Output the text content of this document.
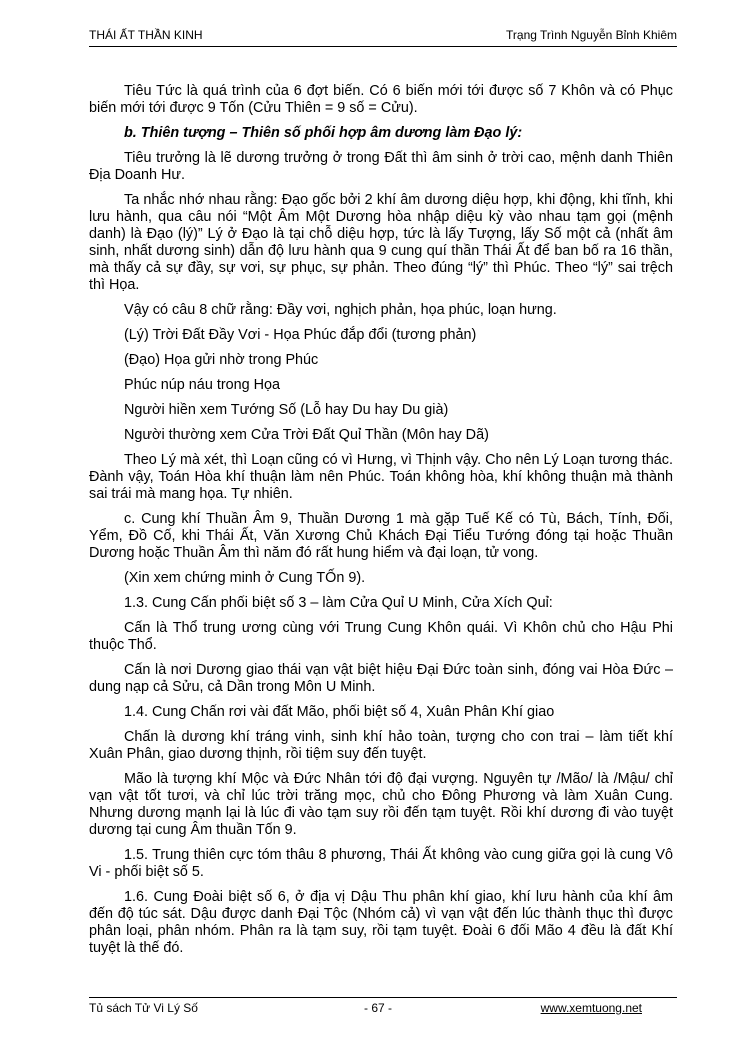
THÁI ẤT THẦN KINH	Trạng Trình Nguyễn Bỉnh Khiêm

Tiêu Tức là quá trình của 6 đợt biến. Có 6 biến mới tới được số 7 Khôn và có Phục biến mới tới được 9 Tốn (Cửu Thiên = 9 số = Cửu).

b. Thiên tượng – Thiên số phối hợp âm dương làm Đạo lý:

Tiêu trưởng là lẽ dương trưởng ở trong Đất thì âm sinh ở trời cao, mệnh danh Thiên Địa Doanh Hư.

Ta nhắc nhớ nhau rằng: Đạo gốc bởi 2 khí âm dương diệu hợp, khi động, khi tĩnh, khi lưu hành, qua câu nói “Một Âm Một Dương hòa nhập diệu kỳ vào nhau tạm gọi (mệnh danh) là Đạo (lý)” Lý ở Đạo là tại chỗ diệu hợp, tức là lấy Tượng, lấy Số một cả (nhất âm sinh, nhất dương sinh) dẫn độ lưu hành qua 9 cung quí thần Thái Ất để ban bố ra 16 thần, mà thấy cả sự đầy, sự vơi, sự phục, sự phản. Theo đúng “lý” thì Phúc. Theo “lý” sai trệch thì Họa.

Vậy có câu 8 chữ rằng: Đầy vơi, nghịch phản, họa phúc, loạn hưng.

(Lý) Trời Đất Đầy Vơi - Họa Phúc đắp đổi (tương phản)

(Đạo) Họa gửi nhờ trong Phúc

Phúc núp náu trong Họa

Người hiền xem Tướng Số (Lỗ hay Du hay Du già)

Người thường xem Cửa Trời Đất Quỉ Thần (Môn hay Dã)

Theo Lý mà xét, thì Loạn cũng có vì Hưng, vì Thịnh vậy. Cho nên Lý Loạn tương thác. Đành vậy, Toán Hòa khí thuận làm nên Phúc. Toán không hòa, khí không thuận mà thành sai trái mà mang họa. Tự nhiên.

c. Cung khí Thuần Âm 9, Thuần Dương 1 mà gặp Tuế Kế có Tù, Bách, Tính, Đối, Yểm, Đồ Cố, khi Thái Ất, Văn Xương Chủ Khách Đại Tiểu Tướng đóng tại hoặc Thuần Dương hoặc Thuần Âm thì năm đó rất hung hiểm và đại loạn, tử vong.

(Xin xem chứng minh ở Cung TỐn 9).

1.3. Cung Cấn phối biệt số 3 – làm Cửa Quỉ U Minh, Cửa Xích Quỉ:

Cấn là Thổ trung ương cùng với Trung Cung Khôn quái. Vì Khôn chủ cho Hậu Phi thuộc Thổ.

Cấn là nơi Dương giao thái vạn vật biệt hiệu Đại Đức toàn sinh, đóng vai Hòa Đức – dung nạp cả Sửu, cả Dần trong Môn U Minh.

1.4. Cung Chấn rơi vài đất Mão, phối biệt số 4, Xuân Phân Khí giao

Chấn là dương khí tráng vinh, sinh khí hảo toàn, tượng cho con trai – làm tiết khí Xuân Phân, giao dương thịnh, rồi tiệm suy đến tuyệt.

Mão là tượng khí Mộc và Đức Nhân tới độ đại vượng. Nguyên tự /Mão/ là /Mậu/ chỉ vạn vật tốt tươi, và chỉ lúc trời trăng mọc, chủ cho Đông Phương và làm Xuân Cung. Nhưng dương mạnh lại là lúc đi vào tạm suy rồi đến tạm tuyệt. Rồi khí dương đi vào tuyệt dương tại cung Âm thuần Tốn 9.

1.5. Trung thiên cực tóm thâu 8 phương, Thái Ất không vào cung giữa gọi là cung Vô Vi - phối biệt số 5.

1.6. Cung Đoài biệt số 6, ở địa vị Dậu Thu phân khí giao, khí lưu hành của khí âm đến độ túc sát. Dậu được danh Đại Tộc (Nhóm cả) vì vạn vật đến lúc thành thục thì được phân loại, phân nhóm. Phân ra là tạm suy, rồi tạm tuyệt. Đoài 6 đối Mão 4 đều là đất Khí tuyệt là thế đó.

Tủ sách Tử Vi Lý Số	- 67 -	www.xemtuong.net
